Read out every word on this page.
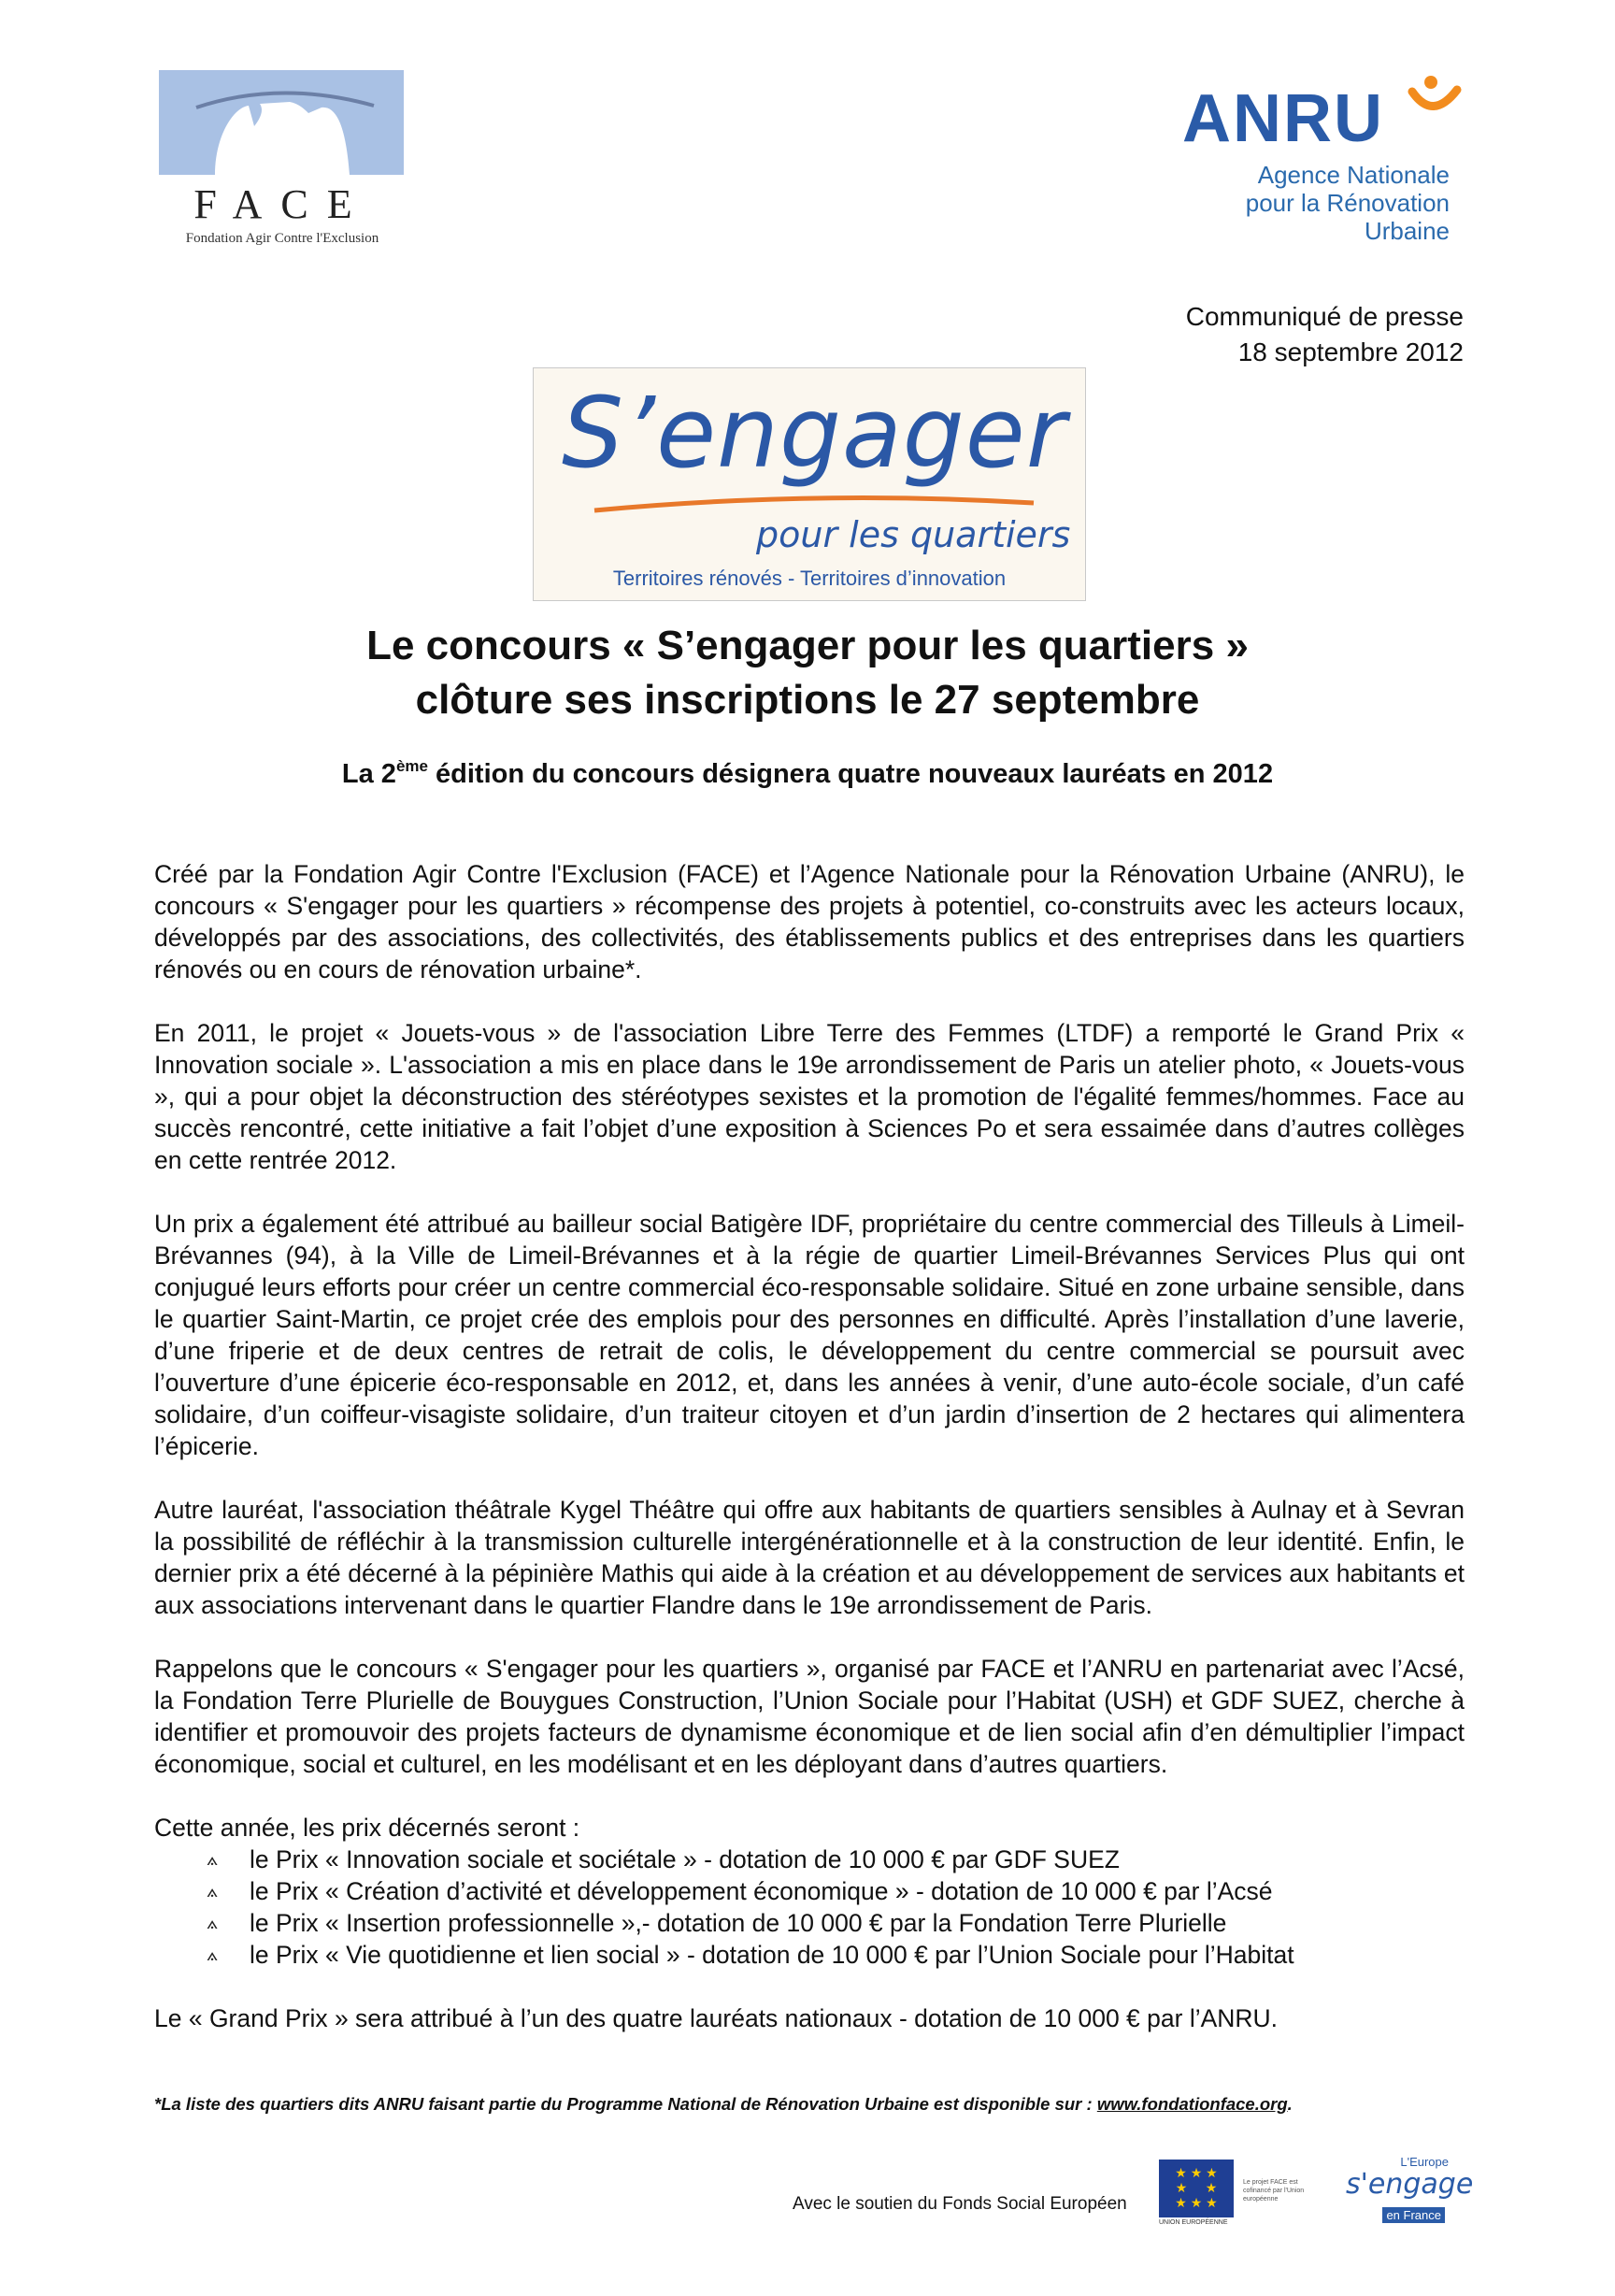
FACE
Fondation Agir Contre l'Exclusion
ANRU
Agence Nationale
pour la Rénovation
Urbaine
Communiqué de presse
18 septembre 2012
S’engager
pour les quartiers
Territoires rénovés - Territoires d’innovation
Le concours « S’engager pour les quartiers »
clôture ses inscriptions le 27 septembre
La 2ème édition du concours désignera quatre nouveaux lauréats en 2012

Créé par la Fondation Agir Contre l'Exclusion (FACE) et l’Agence Nationale pour la Rénovation Urbaine (ANRU), le concours « S'engager pour les quartiers » récompense des projets à potentiel, co-construits avec les acteurs locaux, développés par des associations, des collectivités, des établissements publics et des entreprises dans les quartiers rénovés ou en cours de rénovation urbaine*.

En 2011, le projet « Jouets-vous » de l'association Libre Terre des Femmes (LTDF) a remporté le Grand Prix « Innovation sociale ». L'association a mis en place dans le 19e arrondissement de Paris un atelier photo, « Jouets-vous », qui a pour objet la déconstruction des stéréotypes sexistes et la promotion de l'égalité femmes/hommes. Face au succès rencontré, cette initiative a fait l’objet d’une exposition à Sciences Po et sera essaimée dans d’autres collèges en cette rentrée 2012.

Un prix a également été attribué au bailleur social Batigère IDF, propriétaire du centre commercial des Tilleuls à Limeil-Brévannes (94), à la Ville de Limeil-Brévannes et à la régie de quartier Limeil-Brévannes Services Plus qui ont conjugué leurs efforts pour créer un centre commercial éco-responsable solidaire. Situé en zone urbaine sensible, dans le quartier Saint-Martin, ce projet crée des emplois pour des personnes en difficulté. Après l’installation d’une laverie, d’une friperie et de deux centres de retrait de colis, le développement du centre commercial se poursuit avec l’ouverture d’une épicerie éco-responsable en 2012, et, dans les années à venir, d’une auto-école sociale, d’un café solidaire, d’un coiffeur-visagiste solidaire, d’un traiteur citoyen et d’un jardin d’insertion de 2 hectares qui alimentera l’épicerie.

Autre lauréat, l'association théâtrale Kygel Théâtre qui offre aux habitants de quartiers sensibles à Aulnay et à Sevran la possibilité de réfléchir à la transmission culturelle intergénérationnelle et à la construction de leur identité. Enfin, le dernier prix a été décerné à la pépinière Mathis qui aide à la création et au développement de services aux habitants et aux associations intervenant dans le quartier Flandre dans le 19e arrondissement de Paris.

Rappelons que le concours « S'engager pour les quartiers », organisé par FACE et l’ANRU en partenariat avec l’Acsé, la Fondation Terre Plurielle de Bouygues Construction, l’Union Sociale pour l’Habitat (USH) et GDF SUEZ, cherche à identifier et promouvoir des projets facteurs de dynamisme économique et de lien social afin d’en démultiplier l’impact économique, social et culturel, en les modélisant et en les déployant dans d’autres quartiers.

Cette année, les prix décernés seront :

⟑ le Prix « Innovation sociale et sociétale » - dotation de 10 000 € par GDF SUEZ
⟑ le Prix « Création d’activité et développement économique » - dotation de 10 000 € par l’Acsé
⟑ le Prix « Insertion professionnelle »,- dotation de 10 000 € par la Fondation Terre Plurielle
⟑ le Prix « Vie quotidienne et lien social » - dotation de 10 000 € par l’Union Sociale pour l’Habitat

Le « Grand Prix » sera attribué à l’un des quatre lauréats nationaux - dotation de 10 000 € par l’ANRU.

*La liste des quartiers dits ANRU faisant partie du Programme National de Rénovation Urbaine est disponible sur : www.fondationface.org.
Avec le soutien du Fonds Social Européen
★ ★ ★
★     ★
★ ★ ★
UNION EUROPÉENNE
Le projet FACE est cofinancé par l'Union européenne
L'Europe
s'engage
en France
